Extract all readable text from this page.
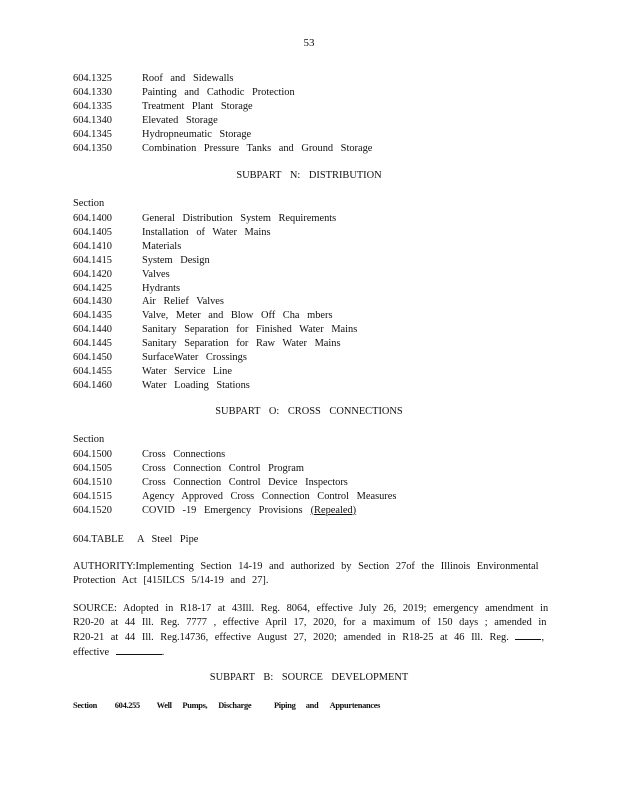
53
604.1325	Roof and Sidewalls
604.1330	Painting and Cathodic Protection
604.1335	Treatment Plant Storage
604.1340	Elevated Storage
604.1345	Hydropneumatic Storage
604.1350	Combination Pressure Tanks and Ground Storage
SUBPART N: DISTRIBUTION
Section
604.1400	General Distribution System Requirements
604.1405	Installation of Water Mains
604.1410	Materials
604.1415	System Design
604.1420	Valves
604.1425	Hydrants
604.1430	Air Relief Valves
604.1435	Valve, Meter and Blow Off Cha mbers
604.1440	Sanitary Separation for Finished Water Mains
604.1445	Sanitary Separation for Raw Water Mains
604.1450	SurfaceWater Crossings
604.1455	Water Service Line
604.1460	Water Loading Stations
SUBPART O: CROSS CONNECTIONS
Section
604.1500	Cross Connections
604.1505	Cross Connection Control Program
604.1510	Cross Connection Control Device Inspectors
604.1515	Agency Approved Cross Connection Control Measures
604.1520	COVID -19 Emergency Provisions (Repealed)
604.TABLE	A Steel Pipe
AUTHORITY:Implementing Section 14-19 and authorized by Section 27of the Illinois Environmental Protection Act [415ILCS 5/14-19 and 27].
SOURCE: Adopted in R18-17 at 43Ill. Reg. 8064, effective July 26, 2019; emergency amendment in R20-20 at 44 Ill. Reg. 7777 , effective April 17, 2020, for a maximum of 150 days ; amended in R20-21 at 44 Ill. Reg.14736, effective August 27, 2020; amended in R18-25 at 46 Ill. Reg.	, effective	.
SUBPART B: SOURCE DEVELOPMENT
Section 604.255 Well Pumps, Discharge	Piping and Appurtenances
